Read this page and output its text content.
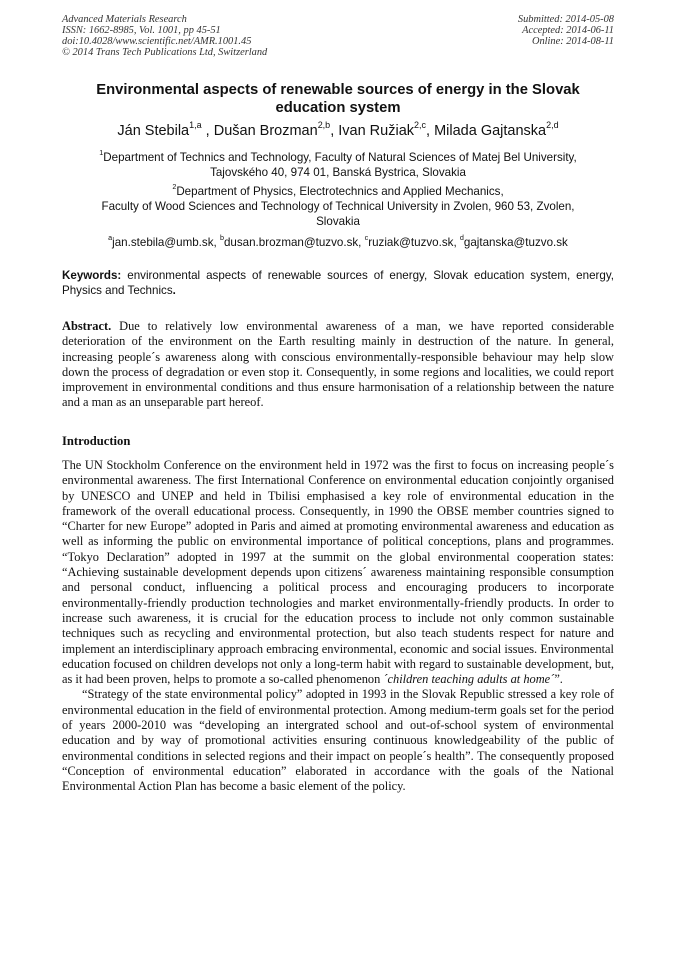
Advanced Materials Research
ISSN: 1662-8985, Vol. 1001, pp 45-51
doi:10.4028/www.scientific.net/AMR.1001.45
© 2014 Trans Tech Publications Ltd, Switzerland
Submitted: 2014-05-08
Accepted: 2014-06-11
Online: 2014-08-11
Environmental aspects of renewable sources of energy in the Slovak education system
Ján Stebila$^{1,a}$ , Dušan Brozman$^{2,b}$, Ivan Ružiak$^{2,c}$, Milada Gajtanska$^{2,d}$
$^1$Department of Technics and Technology, Faculty of Natural Sciences of Matej Bel University,
Tajovského 40, 974 01, Banská Bystrica, Slovakia
$^2$Department of Physics, Electrotechnics and Applied Mechanics,
Faculty of Wood Sciences and Technology of Technical University in Zvolen, 960 53, Zvolen,
Slovakia
$^a$jan.stebila@umb.sk, $^b$dusan.brozman@tuzvo.sk, $^c$ruziak@tuzvo.sk, $^d$gajtanska@tuzvo.sk
Keywords: environmental aspects of renewable sources of energy, Slovak education system, energy, Physics and Technics.

Abstract. Due to relatively low environmental awareness of a man, we have reported considerable deterioration of the environment on the Earth resulting mainly in destruction of the nature. In general, increasing people´s awareness along with conscious environmentally-responsible behaviour may help slow down the process of degradation or even stop it. Consequently, in some regions and localities, we could report improvement in environmental conditions and thus ensure harmonisation of a relationship between the nature and a man as an unseparable part hereof.

Introduction

The UN Stockholm Conference on the environment held in 1972 was the first to focus on increasing people´s environmental awareness. The first International Conference on environmental education conjointly organised by UNESCO and UNEP and held in Tbilisi emphasised a key role of environmental education in the framework of the overall educational process. Consequently, in 1990 the OBSE member countries signed to “Charter for new Europe” adopted in Paris and aimed at promoting environmental awareness and education as well as informing the public on environmental importance of political conceptions, plans and programmes. “Tokyo Declaration” adopted in 1997 at the summit on the global environmental cooperation states: “Achieving sustainable development depends upon citizens´ awareness maintaining responsible consumption and personal conduct, influencing a political process and encouraging producers to incorporate environmentally-friendly production technologies and market environmentally-friendly products. In order to increase such awareness, it is crucial for the education process to include not only common sustainable techniques such as recycling and environmental protection, but also teach students respect for nature and implement an interdisciplinary approach embracing environmental, economic and social issues. Environmental education focused on children develops not only a long-term habit with regard to sustainable development, but, as it had been proven, helps to promote a so-called phenomenon ´children teaching adults at home´”.

“Strategy of the state environmental policy” adopted in 1993 in the Slovak Republic stressed a key role of environmental education in the field of environmental protection. Among medium-term goals set for the period of years 2000-2010 was “developing an intergrated school and out-of-school system of environmental education and by way of promotional activities ensuring continuous knowledgeability of the public of environmental conditions in selected regions and their impact on people´s health”. The consequently proposed “Conception of environmental education” elaborated in accordance with the goals of the National Environmental Action Plan has become a basic element of the policy.
